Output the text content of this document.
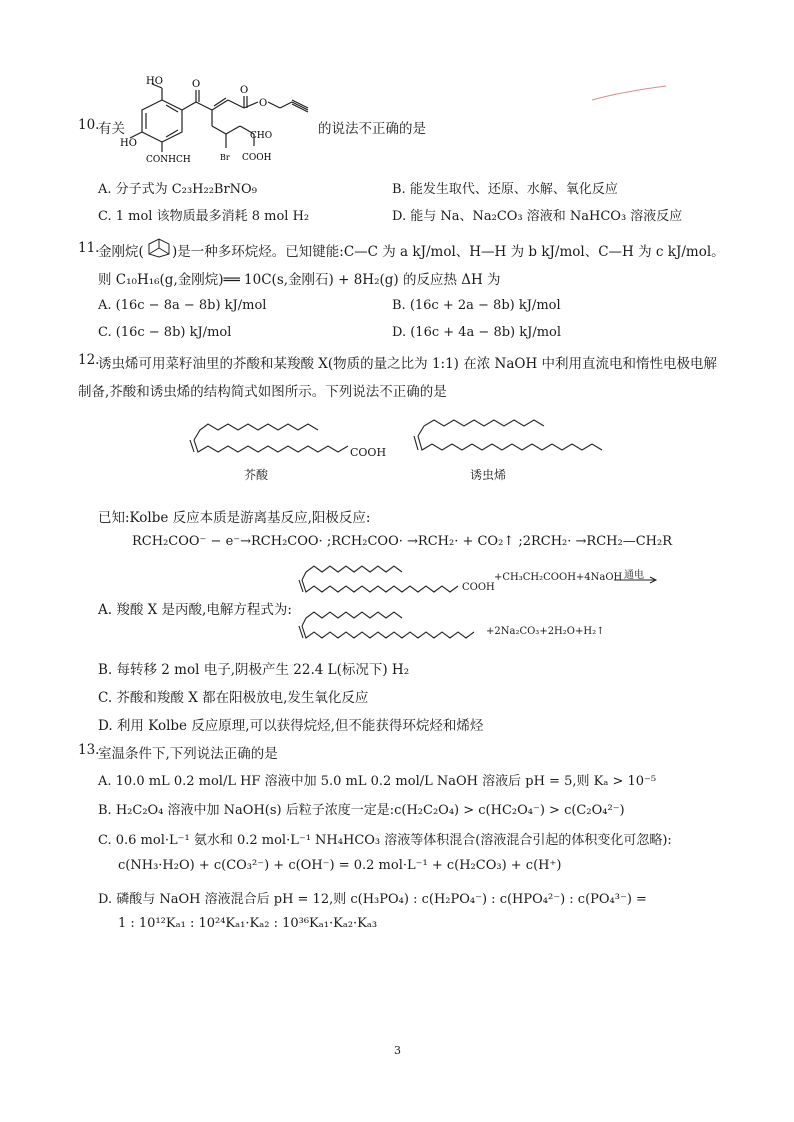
10.
有关
HO
HO
CONHCH
O
O
O
Br
CHO
COOH
的说法不正确的是
A. 分子式为 C₂₃H₂₂BrNO₉	B. 能发生取代、还原、水解、氧化反应
C. 1 mol 该物质最多消耗 8 mol H₂	D. 能与 Na、Na₂CO₃ 溶液和 NaHCO₃ 溶液反应
11.
金刚烷( )是一种多环烷烃。已知键能:C—C 为 a kJ/mol、H—H 为 b kJ/mol、C—H 为 c kJ/mol。
则 C₁₀H₁₆(g,金刚烷)══ 10C(s,金刚石) + 8H₂(g) 的反应热 ΔH 为
A. (16c − 8a − 8b) kJ/mol	B. (16c + 2a − 8b) kJ/mol
C. (16c − 8b) kJ/mol	D. (16c + 4a − 8b) kJ/mol
12.
诱虫烯可用菜籽油里的芥酸和某羧酸 X(物质的量之比为 1:1) 在浓 NaOH 中利用直流电和惰性电极电解
制备,芥酸和诱虫烯的结构简式如图所示。下列说法不正确的是
COOH
芥酸	诱虫烯
已知:Kolbe 反应本质是游离基反应,阳极反应:
RCH₂COO⁻ − e⁻→RCH₂COO· ;RCH₂COO· →RCH₂· + CO₂↑ ;2RCH₂· →RCH₂—CH₂R
COOH
+CH₃CH₂COOH+4NaOH 通电
A. 羧酸 X 是丙酸,电解方程式为:
+2Na₂CO₃+2H₂O+H₂↑
B. 每转移 2 mol 电子,阴极产生 22.4 L(标况下) H₂
C. 芥酸和羧酸 X 都在阳极放电,发生氧化反应
D. 利用 Kolbe 反应原理,可以获得烷烃,但不能获得环烷烃和烯烃
13.
室温条件下,下列说法正确的是
A. 10.0 mL 0.2 mol/L HF 溶液中加 5.0 mL 0.2 mol/L NaOH 溶液后 pH = 5,则 Kₐ > 10⁻⁵
B. H₂C₂O₄ 溶液中加 NaOH(s) 后粒子浓度一定是:c(H₂C₂O₄) > c(HC₂O₄⁻) > c(C₂O₄²⁻)
C. 0.6 mol·L⁻¹ 氨水和 0.2 mol·L⁻¹ NH₄HCO₃ 溶液等体积混合(溶液混合引起的体积变化可忽略):
c(NH₃·H₂O) + c(CO₃²⁻) + c(OH⁻) = 0.2 mol·L⁻¹ + c(H₂CO₃) + c(H⁺)
D. 磷酸与 NaOH 溶液混合后 pH = 12,则 c(H₃PO₄) : c(H₂PO₄⁻) : c(HPO₄²⁻) : c(PO₄³⁻) =
1 : 10¹²Kₐ₁ : 10²⁴Kₐ₁·Kₐ₂ : 10³⁶Kₐ₁·Kₐ₂·Kₐ₃
3
